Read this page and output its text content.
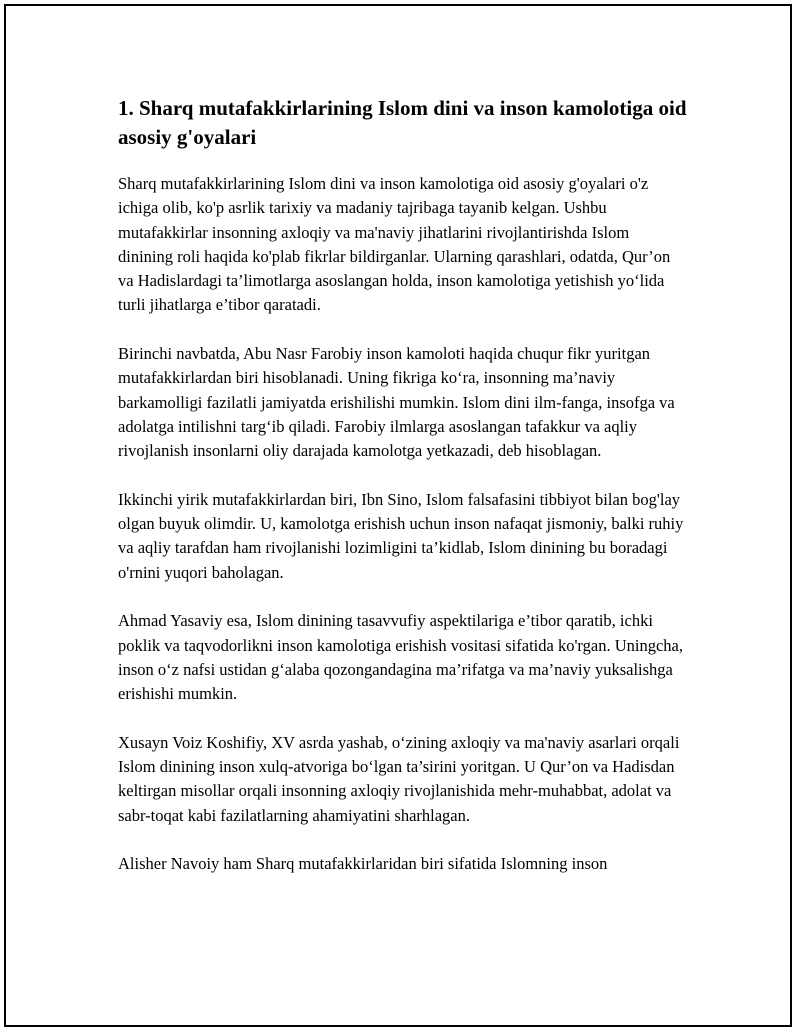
1. Sharq mutafakkirlarining Islom dini va inson kamolotiga oid asosiy g'oyalari

Sharq mutafakkirlarining Islom dini va inson kamolotiga oid asosiy g'oyalari o'z ichiga olib, ko'p asrlik tarixiy va madaniy tajribaga tayanib kelgan. Ushbu mutafakkirlar insonning axloqiy va ma'naviy jihatlarini rivojlantirishda Islom dinining roli haqida ko'plab fikrlar bildirganlar. Ularning qarashlari, odatda, Qur’on va Hadislardagi ta’limotlarga asoslangan holda, inson kamolotiga yetishish yo‘lida turli jihatlarga e’tibor qaratadi.

Birinchi navbatda, Abu Nasr Farobiy inson kamoloti haqida chuqur fikr yuritgan mutafakkirlardan biri hisoblanadi. Uning fikriga ko‘ra, insonning ma’naviy barkamolligi fazilatli jamiyatda erishilishi mumkin. Islom dini ilm-fanga, insofga va adolatga intilishni targ‘ib qiladi. Farobiy ilmlarga asoslangan tafakkur va aqliy rivojlanish insonlarni oliy darajada kamolotga yetkazadi, deb hisoblagan.

Ikkinchi yirik mutafakkirlardan biri, Ibn Sino, Islom falsafasini tibbiyot bilan bog'lay olgan buyuk olimdir. U, kamolotga erishish uchun inson nafaqat jismoniy, balki ruhiy va aqliy tarafdan ham rivojlanishi lozimligini ta’kidlab, Islom dinining bu boradagi o'rnini yuqori baholagan.

Ahmad Yasaviy esa, Islom dinining tasavvufiy aspektilariga e’tibor qaratib, ichki poklik va taqvodorlikni inson kamolotiga erishish vositasi sifatida ko'rgan. Uningcha, inson o‘z nafsi ustidan g‘alaba qozongandagina ma’rifatga va ma’naviy yuksalishga erishishi mumkin.

Xusayn Voiz Koshifiy, XV asrda yashab, o‘zining axloqiy va ma'naviy asarlari orqali Islom dinining inson xulq-atvoriga bo‘lgan ta’sirini yoritgan. U Qur’on va Hadisdan keltirgan misollar orqali insonning axloqiy rivojlanishida mehr-muhabbat, adolat va sabr-toqat kabi fazilatlarning ahamiyatini sharhlagan.

Alisher Navoiy ham Sharq mutafakkirlaridan biri sifatida Islomning inson
